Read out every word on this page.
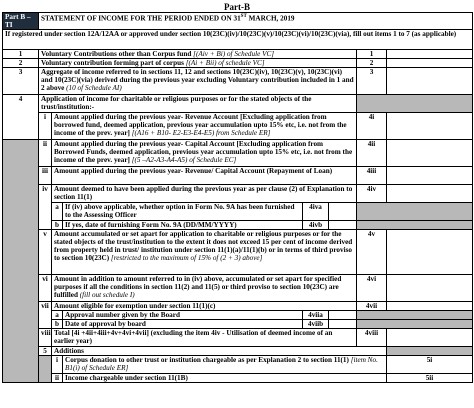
Part-B
Part B – TI	STATEMENT OF INCOME FOR THE PERIOD ENDED ON 31ST MARCH, 2019							
If registered under section 12A/12AA or approved under section 10(23C)(iv)/10(23C)(v)/10(23C)(vi)/10(23C)(via), fill out items 1 to 7 (as applicable)								
1	Voluntary Contributions other than Corpus fund [(Aiv + Bi) of Schedule VC]					1		
2	Voluntary contribution forming part of corpus [(Ai + Bii) of schedule VC]					2		
3	Aggregate of income referred to in sections 11, 12 and sections 10(23C)(iv), 10(23C)(v), 10(23C)(vi) and 10(23C)(via) derived during the previous year excluding Voluntary contribution included in 1 and 2 above (10 of Schedule AI)					3		
4	Application of income for charitable or religious purposes or for the stated objects of the trust/institution:-							
	i	Amount applied during the previous year- Revenue Account [Excluding application from borrowed fund, deemed application, previous year accumulation upto 15% etc, i.e. not from the income of the prev. year] [(A16 + B10- E2-E3-E4-E5) from Schedule ER]				4i		
	ii	Amount applied during the previous year- Capital Account [Excluding application from Borrowed Funds, deemed application, previous year accumulation upto 15% etc, i.e. not from the income of the prev. year] [(5 –A2-A3-A4-A5) of Schedule EC]				4ii		
	iii	Amount applied during the previous year- Revenue/ Capital Account (Repayment of Loan)				4iii		
	iv	Amount deemed to have been applied during the previous year as per clause (2) of Explanation to section 11(1)				4iv		
		a	If (iv) above applicable, whether option in Form No. 9A has been furnished to the Assessing Officer	4iva				
		b	If yes, date of furnishing Form No. 9A (DD/MM/YYYY)	4ivb				
	v	Amount accumulated or set apart for application to charitable or religious purposes or for the stated objects of the trust/institution to the extent it does not exceed 15 per cent of income derived from property held in trust/ institution under section 11(1)(a)/11(1)(b) or in terms of third proviso to section 10(23C) [restricted to the maximum of 15% of (2 + 3) above]				4v		
	vi	Amount in addition to amount referred to in (iv) above, accumulated or set apart for specified purposes if all the conditions in section 11(2) and 11(5) or third proviso to section 10(23C) are fulfilled (fill out schedule I)				4vi		
	vii	Amount eligible for exemption under section 11(1)(c)				4vii		
		a	Approval number given by the Board	4viia				
		b	Date of approval by board	4viib				
	viii	Total [4i +4ii+4iii+4v+4vi+4vii] (excluding the item 4iv - Utilisation of deemed income of an earlier year)				4viii		
	5	Additions						
		i	Corpus donation to other trust or institution chargeable as per Explanation 2 to section 11(1) [item No. B1(i) of Schedule ER]				5i	
		ii	Income chargeable under section 11(1B)				5ii	
